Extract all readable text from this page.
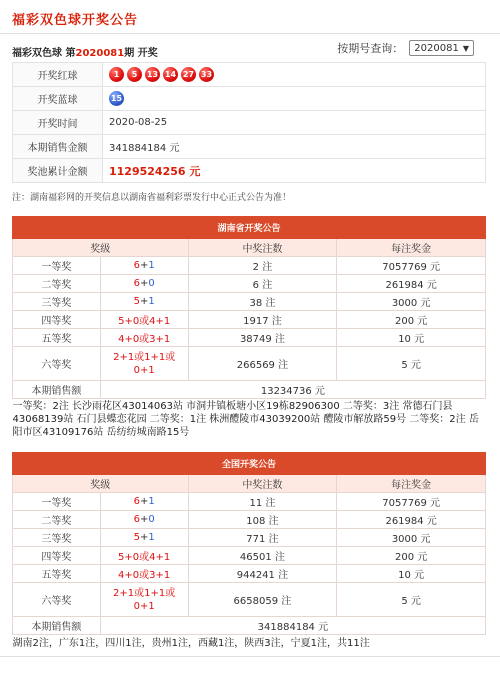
福彩双色球开奖公告
福彩双色球 第2020081期 开奖	按期号查询： 2020081 ▼
开奖红球	1 5 13 14 27 33
开奖蓝球	15
开奖时间	2020-08-25
本期销售金额	341884184 元
奖池累计金额	1129524256 元
注：湖南福彩网的开奖信息以湖南省福利彩票发行中心正式公告为准！
湖南省开奖公告			
奖级		中奖注数	每注奖金
一等奖	6+1	2 注	7057769 元
二等奖	6+0	6 注	261984 元
三等奖	5+1	38 注	3000 元
四等奖	5+0或4+1	1917 注	200 元
五等奖	4+0或3+1	38749 注	10 元
六等奖	2+1或1+1或
0+1	266569 注	5 元
本期销售额	13234736 元		

一等奖：2注 长沙雨花区43014063站 市洞井镇板塘小区19栋82906300 二等奖：3注 常德石门县43068139站 石门县蝶恋花园 二等奖：1注 株洲醴陵市43039200站 醴陵市解放路59号 二等奖：2注 岳阳市区43109176站 岳纺纺城南路15号			
全国开奖公告			
奖级		中奖注数	每注奖金
一等奖	6+1	11 注	7057769 元
二等奖	6+0	108 注	261984 元
三等奖	5+1	771 注	3000 元
四等奖	5+0或4+1	46501 注	200 元
五等奖	4+0或3+1	944241 注	10 元
六等奖	2+1或1+1或
0+1	6658059 注	5 元
本期销售额	341884184 元		

湖南2注，广东1注，四川1注，贵州1注，西藏1注，陕西3注，宁夏1注，共11注			
